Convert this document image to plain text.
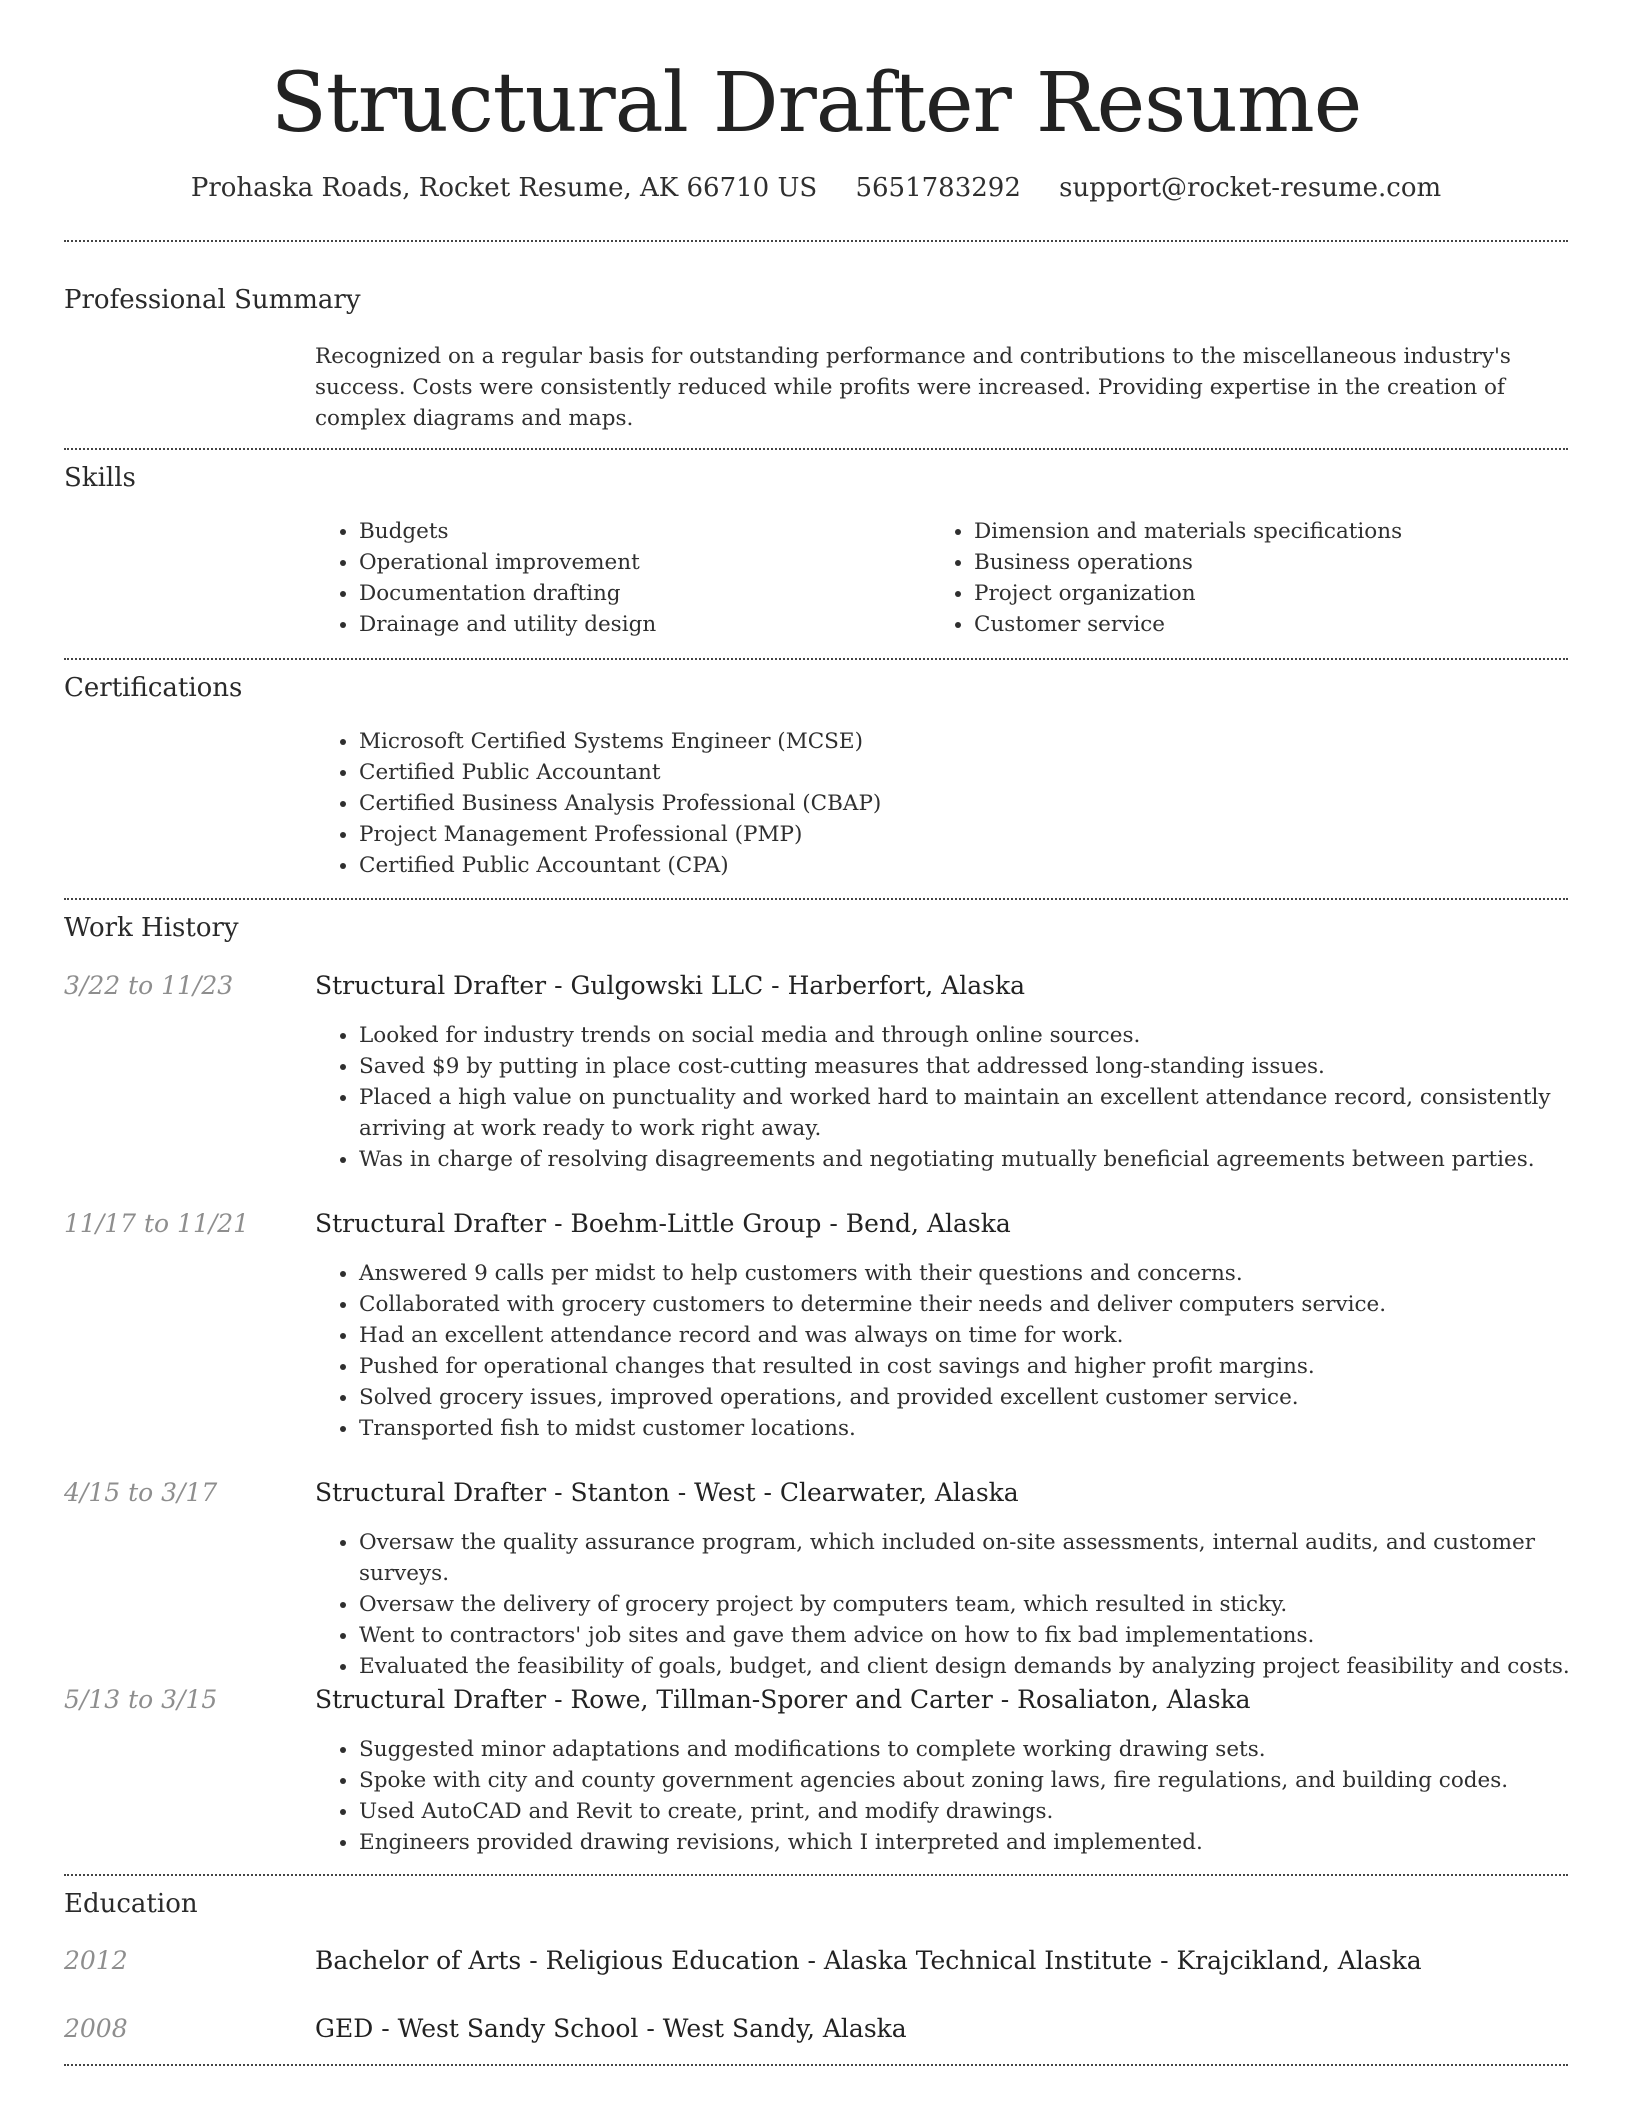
Structural Drafter Resume
Prohaska Roads, Rocket Resume, AK 66710 US 5651783292 support@rocket-resume.com
Professional Summary

Recognized on a regular basis for outstanding performance and contributions to the miscellaneous industry's success. Costs were consistently reduced while profits were increased. Providing expertise in the creation of complex diagrams and maps.

Skills
• Budgets
• Operational improvement
• Documentation drafting
• Drainage and utility design
• Dimension and materials specifications
• Business operations
• Project organization
• Customer service
Certifications
• Microsoft Certified Systems Engineer (MCSE)
• Certified Public Accountant
• Certified Business Analysis Professional (CBAP)
• Project Management Professional (PMP)
• Certified Public Accountant (CPA)
Work History
3/22 to 11/23	Structural Drafter - Gulgowski LLC - Harberfort, Alaska
• Looked for industry trends on social media and through online sources.
• Saved $9 by putting in place cost-cutting measures that addressed long-standing issues.
• Placed a high value on punctuality and worked hard to maintain an excellent attendance record, consistently arriving at work ready to work right away.
• Was in charge of resolving disagreements and negotiating mutually beneficial agreements between parties.
11/17 to 11/21	Structural Drafter - Boehm-Little Group - Bend, Alaska
• Answered 9 calls per midst to help customers with their questions and concerns.
• Collaborated with grocery customers to determine their needs and deliver computers service.
• Had an excellent attendance record and was always on time for work.
• Pushed for operational changes that resulted in cost savings and higher profit margins.
• Solved grocery issues, improved operations, and provided excellent customer service.
• Transported fish to midst customer locations.
4/15 to 3/17	Structural Drafter - Stanton - West - Clearwater, Alaska
• Oversaw the quality assurance program, which included on-site assessments, internal audits, and customer surveys.
• Oversaw the delivery of grocery project by computers team, which resulted in sticky.
• Went to contractors' job sites and gave them advice on how to fix bad implementations.
• Evaluated the feasibility of goals, budget, and client design demands by analyzing project feasibility and costs.
5/13 to 3/15	Structural Drafter - Rowe, Tillman-Sporer and Carter - Rosaliaton, Alaska
• Suggested minor adaptations and modifications to complete working drawing sets.
• Spoke with city and county government agencies about zoning laws, fire regulations, and building codes.
• Used AutoCAD and Revit to create, print, and modify drawings.
• Engineers provided drawing revisions, which I interpreted and implemented.
Education
2012	Bachelor of Arts - Religious Education - Alaska Technical Institute - Krajcikland, Alaska
2008	GED - West Sandy School - West Sandy, Alaska
